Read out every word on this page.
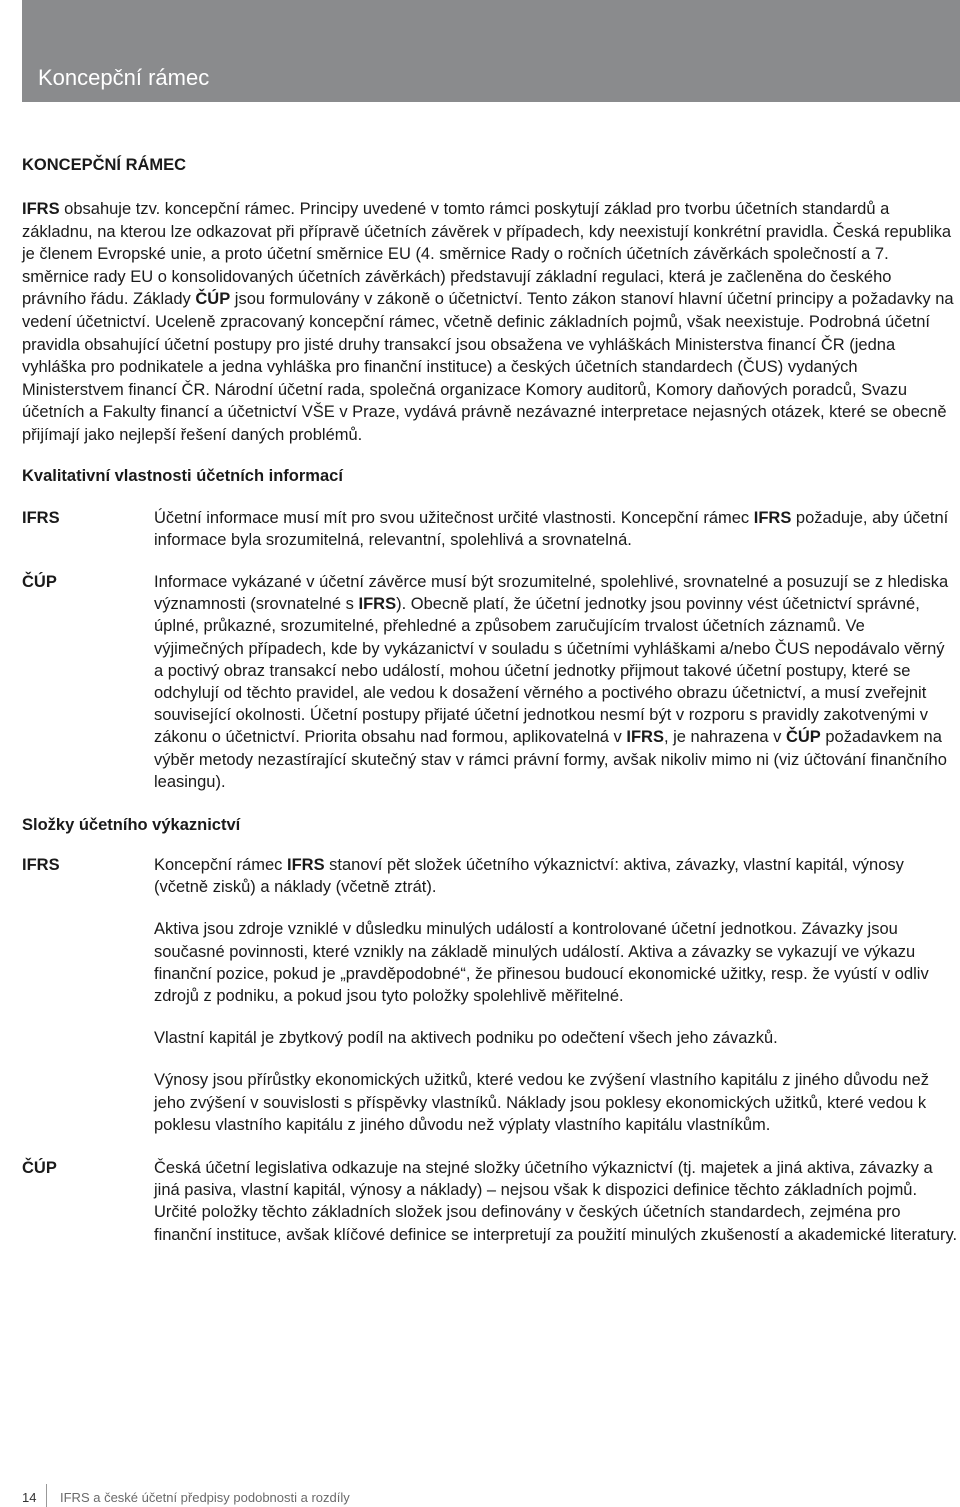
Koncepční rámec
KONCEPČNÍ RÁMEC

IFRS obsahuje tzv. koncepční rámec. Principy uvedené v tomto rámci poskytují základ pro tvorbu účetních standardů a základnu, na kterou lze odkazovat při přípravě účetních závěrek v případech, kdy neexistují konkrétní pravidla. Česká republika je členem Evropské unie, a proto účetní směrnice EU (4. směrnice Rady o ročních účetních závěrkách společností a 7. směrnice rady EU o konsolidovaných účetních závěrkách) představují základní regulaci, která je začleněna do českého právního řádu. Základy ČÚP jsou formulovány v zákoně o účetnictví. Tento zákon stanoví hlavní účetní principy a požadavky na vedení účetnictví. Uceleně zpracovaný koncepční rámec, včetně definic základních pojmů, však neexistuje. Podrobná účetní pravidla obsahující účetní postupy pro jisté druhy transakcí jsou obsažena ve vyhláškách Ministerstva financí ČR (jedna vyhláška pro podnikatele a jedna vyhláška pro finanční instituce) a českých účetních standardech (ČUS) vydaných Ministerstvem financí ČR. Národní účetní rada, společná organizace Komory auditorů, Komory daňových poradců, Svazu účetních a Fakulty financí a účetnictví VŠE v Praze, vydává právně nezávazné interpretace nejasných otázek, které se obecně přijímají jako nejlepší řešení daných problémů.

Kvalitativní vlastnosti účetních informací
IFRS	Účetní informace musí mít pro svou užitečnost určité vlastnosti. Koncepční rámec IFRS požaduje, aby účetní informace byla srozumitelná, relevantní, spolehlivá a srovnatelná.

ČÚP	Informace vykázané v účetní závěrce musí být srozumitelné, spolehlivé, srovnatelné a posuzují se z hlediska významnosti (srovnatelné s IFRS). Obecně platí, že účetní jednotky jsou povinny vést účetnictví správné, úplné, průkazné, srozumitelné, přehledné a způsobem zaručujícím trvalost účetních záznamů. Ve výjimečných případech, kde by vykázanictví v souladu s účetními vyhláškami a/nebo ČUS nepodávalo věrný a poctivý obraz transakcí nebo událostí, mohou účetní jednotky přijmout takové účetní postupy, které se odchylují od těchto pravidel, ale vedou k dosažení věrného a poctivého obrazu účetnictví, a musí zveřejnit související okolnosti. Účetní postupy přijaté účetní jednotkou nesmí být v rozporu s pravidly zakotvenými v zákonu o účetnictví. Priorita obsahu nad formou, aplikovatelná v IFRS, je nahrazena v ČÚP požadavkem na výběr metody nezastírající skutečný stav v rámci právní formy, avšak nikoliv mimo ni (viz účtování finančního leasingu).

Složky účetního výkaznictví
IFRS	Koncepční rámec IFRS stanoví pět složek účetního výkaznictví: aktiva, závazky, vlastní kapitál, výnosy (včetně zisků) a náklady (včetně ztrát).

Aktiva jsou zdroje vzniklé v důsledku minulých událostí a kontrolované účetní jednotkou. Závazky jsou současné povinnosti, které vznikly na základě minulých událostí. Aktiva a závazky se vykazují ve výkazu finanční pozice, pokud je „pravděpodobné“, že přinesou budoucí ekonomické užitky, resp. že vyústí v odliv zdrojů z podniku, a pokud jsou tyto položky spolehlivě měřitelné.

Vlastní kapitál je zbytkový podíl na aktivech podniku po odečtení všech jeho závazků.

Výnosy jsou přírůstky ekonomických užitků, které vedou ke zvýšení vlastního kapitálu z jiného důvodu než jeho zvýšení v souvislosti s příspěvky vlastníků. Náklady jsou poklesy ekonomických užitků, které vedou k poklesu vlastního kapitálu z jiného důvodu než výplaty vlastního kapitálu vlastníkům.

ČÚP	Česká účetní legislativa odkazuje na stejné složky účetního výkaznictví (tj. majetek a jiná aktiva, závazky a jiná pasiva, vlastní kapitál, výnosy a náklady) – nejsou však k dispozici definice těchto základních pojmů. Určité položky těchto základních složek jsou definovány v českých účetních standardech, zejména pro finanční instituce, avšak klíčové definice se interpretují za použití minulých zkušeností a akademické literatury.

14 IFRS a české účetní předpisy podobnosti a rozdíly
